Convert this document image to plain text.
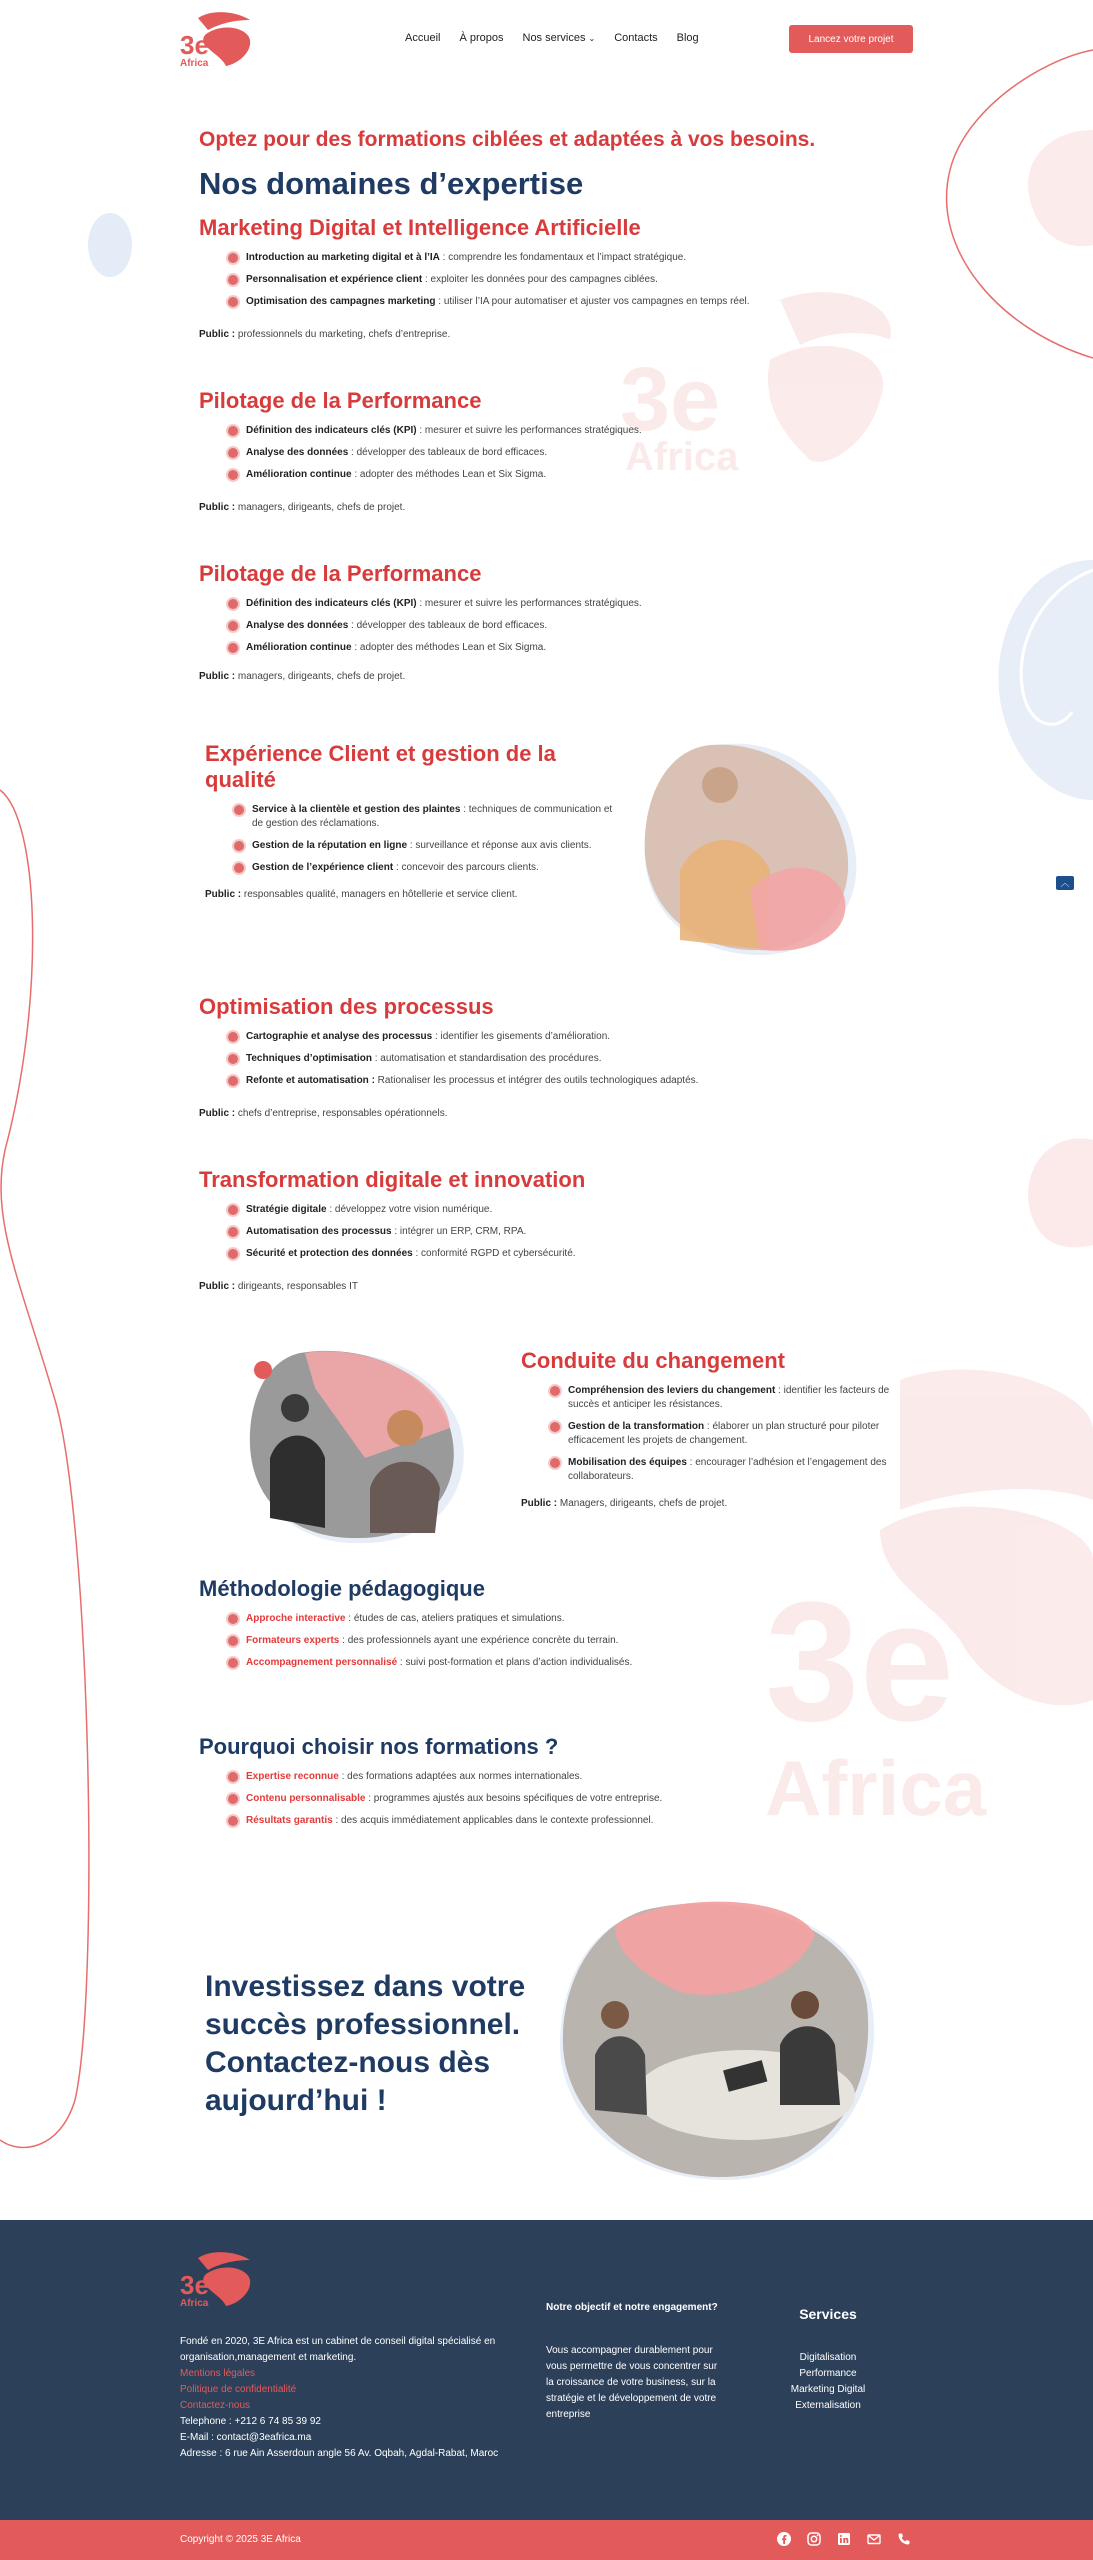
3e
Africa
3e
Africa
3e
Africa
Accueil À propos Nos services ⌄ Contacts Blog	Lancez votre projet
Optez pour des formations ciblées et adaptées à vos besoins.
Nos domaines d’expertise
Marketing Digital et Intelligence Artificielle
Introduction au marketing digital et à l’IA : comprendre les fondamentaux et l’impact stratégique.
Personnalisation et expérience client : exploiter les données pour des campagnes ciblées.
Optimisation des campagnes marketing : utiliser l’IA pour automatiser et ajuster vos campagnes en temps réel.
Public : professionnels du marketing, chefs d’entreprise.
Pilotage de la Performance
Définition des indicateurs clés (KPI) : mesurer et suivre les performances stratégiques.
Analyse des données : développer des tableaux de bord efficaces.
Amélioration continue : adopter des méthodes Lean et Six Sigma.
Public : managers, dirigeants, chefs de projet.
Pilotage de la Performance
Définition des indicateurs clés (KPI) : mesurer et suivre les performances stratégiques.
Analyse des données : développer des tableaux de bord efficaces.
Amélioration continue : adopter des méthodes Lean et Six Sigma.
Public : managers, dirigeants, chefs de projet.
Expérience Client et gestion de la qualité
Service à la clientèle et gestion des plaintes : techniques de communication et de gestion des réclamations.
Gestion de la réputation en ligne : surveillance et réponse aux avis clients.
Gestion de l’expérience client : concevoir des parcours clients.
Public : responsables qualité, managers en hôtellerie et service client.
Optimisation des processus
Cartographie et analyse des processus : identifier les gisements d’amélioration.
Techniques d’optimisation : automatisation et standardisation des procédures.
Refonte et automatisation : Rationaliser les processus et intégrer des outils technologiques adaptés.
Public : chefs d’entreprise, responsables opérationnels.
Transformation digitale et innovation
Stratégie digitale : développez votre vision numérique.
Automatisation des processus : intégrer un ERP, CRM, RPA.
Sécurité et protection des données : conformité RGPD et cybersécurité.
Public : dirigeants, responsables IT
Conduite du changement
Compréhension des leviers du changement : identifier les facteurs de succès et anticiper les résistances.
Gestion de la transformation : élaborer un plan structuré pour piloter efficacement les projets de changement.
Mobilisation des équipes : encourager l’adhésion et l’engagement des collaborateurs.
Public : Managers, dirigeants, chefs de projet.
Méthodologie pédagogique
Approche interactive : études de cas, ateliers pratiques et simulations.
Formateurs experts : des professionnels ayant une expérience concrète du terrain.
Accompagnement personnalisé : suivi post-formation et plans d’action individualisés.
Pourquoi choisir nos formations ?
Expertise reconnue : des formations adaptées aux normes internationales.
Contenu personnalisable : programmes ajustés aux besoins spécifiques de votre entreprise.
Résultats garantis : des acquis immédiatement applicables dans le contexte professionnel.
Investissez dans votre succès professionnel. Contactez-nous dès aujourd’hui !
︿
3e
Africa

Fondé en 2020, 3E Africa est un cabinet de conseil digital spécialisé en organisation,management et marketing.

Mentions légales
Politique de confidentialité
Contactez-nous

Telephone : +212 6 74 85 39 92

E-Mail : contact@3eafrica.ma

Adresse : 6 rue Ain Asserdoun angle 56 Av. Oqbah, Agdal-Rabat, Maroc

Notre objectif et notre engagement?
Vous accompagner durablement pour vous permettre de vous concentrer sur la croissance de votre business, sur la stratégie et le développement de votre entreprise
Services
Digitalisation
Performance
Marketing Digital
Externalisation
Copyright © 2025 3E Africa
